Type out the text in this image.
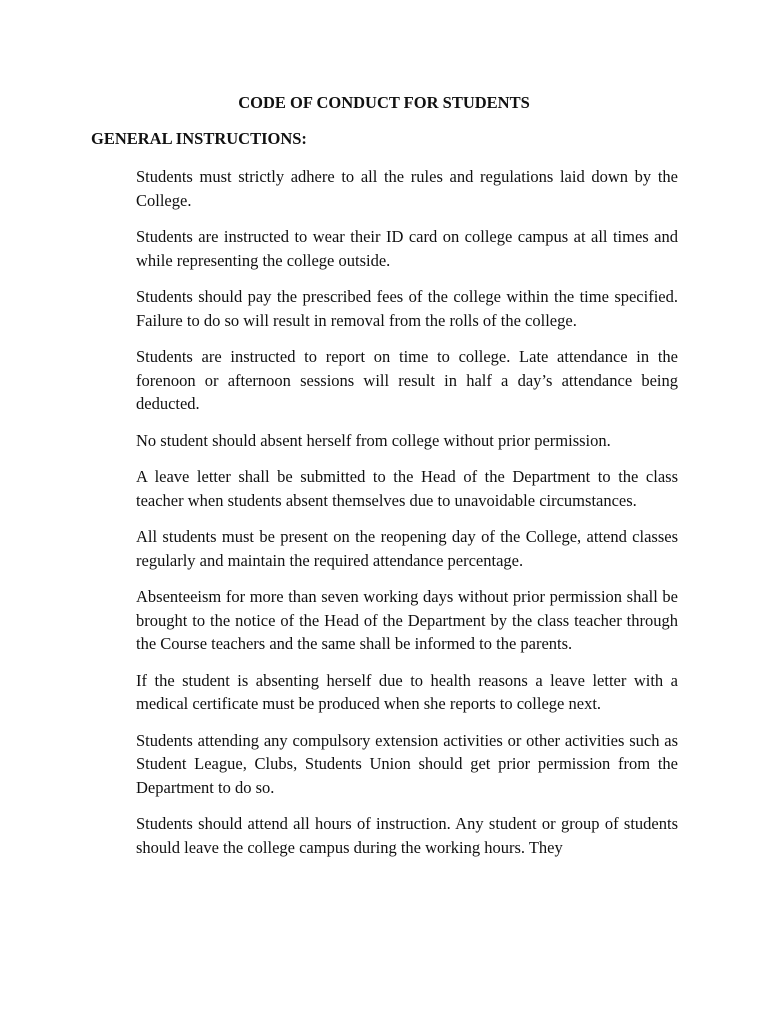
CODE OF CONDUCT FOR STUDENTS
GENERAL INSTRUCTIONS:
Students must strictly adhere to all the rules and regulations laid down by the College.
Students are instructed to wear their ID card on college campus at all times and while representing the college outside.
Students should pay the prescribed fees of the college within the time specified. Failure to do so will result in removal from the rolls of the college.
Students are instructed to report on time to college. Late attendance in the forenoon or afternoon sessions will result in half a day’s attendance being deducted.
No student should absent herself from college without prior permission.
A leave letter shall be submitted to the Head of the Department to the class teacher when students absent themselves due to unavoidable circumstances.
All students must be present on the reopening day of the College, attend classes regularly and maintain the required attendance percentage.
Absenteeism for more than seven working days without prior permission shall be brought to the notice of the Head of the Department by the class teacher through the Course teachers and the same shall be informed to the parents.
If the student is absenting herself due to health reasons a leave letter with a medical certificate must be produced when she reports to college next.
Students attending any compulsory extension activities or other activities such as Student League, Clubs, Students Union should get prior permission from the Department to do so.
Students should attend all hours of instruction. Any student or group of students should leave the college campus during the working hours. They
